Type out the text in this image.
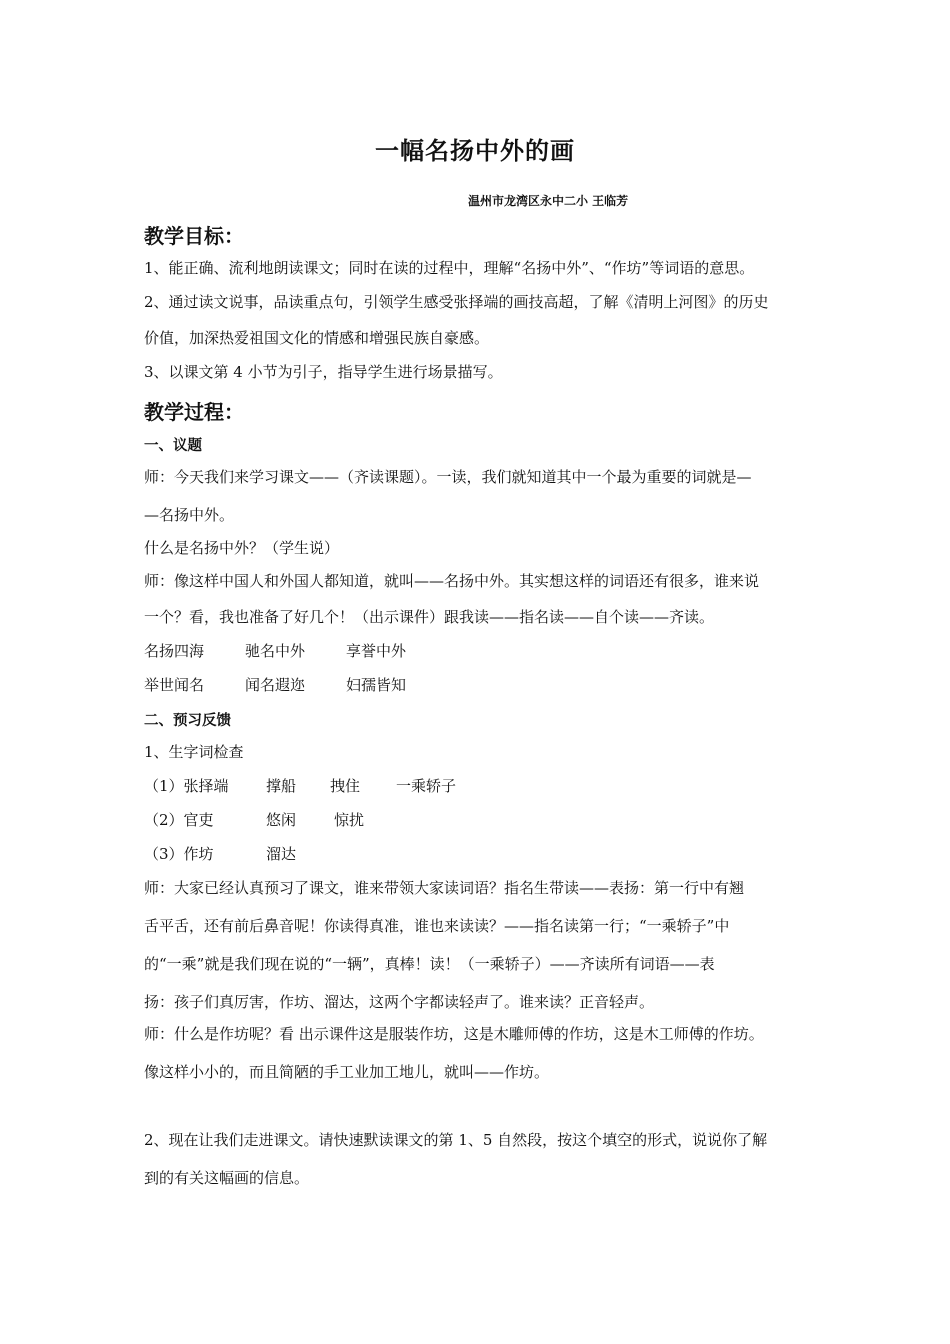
一幅名扬中外的画
温州市龙湾区永中二小 王临芳
教学目标：
1、能正确、流利地朗读课文；同时在读的过程中，理解“名扬中外”、“作坊”等词语的意思。
2、通过读文说事，品读重点句，引领学生感受张择端的画技高超，了解《清明上河图》的历史
价值，加深热爱祖国文化的情感和增强民族自豪感。
3、以课文第 4 小节为引子，指导学生进行场景描写。
教学过程：
一、议题
师：今天我们来学习课文——（齐读课题）。一读，我们就知道其中一个最为重要的词就是—
—名扬中外。
什么是名扬中外？（学生说）
师：像这样中国人和外国人都知道，就叫——名扬中外。其实想这样的词语还有很多，谁来说
一个？看，我也准备了好几个！（出示课件）跟我读——指名读——自个读——齐读。
名扬四海	驰名中外	享誉中外
举世闻名	闻名遐迩	妇孺皆知
二、预习反馈
1、生字词检查
（1）张择端 撑船 拽住 一乘轿子
（2）官吏	悠闲	惊扰
（3）作坊	溜达
师：大家已经认真预习了课文，谁来带领大家读词语？指名生带读——表扬：第一行中有翘
舌平舌，还有前后鼻音呢！你读得真准，谁也来读读？——指名读第一行；“一乘轿子”中
的“一乘”就是我们现在说的“一辆”，真棒！读！（一乘轿子）——齐读所有词语——表
扬：孩子们真厉害，作坊、溜达，这两个字都读轻声了。谁来读？正音轻声。
师：什么是作坊呢？看 出示课件这是服装作坊，这是木雕师傅的作坊，这是木工师傅的作坊。
像这样小小的，而且简陋的手工业加工地儿，就叫——作坊。
2、现在让我们走进课文。请快速默读课文的第 1、5 自然段，按这个填空的形式，说说你了解
到的有关这幅画的信息。
